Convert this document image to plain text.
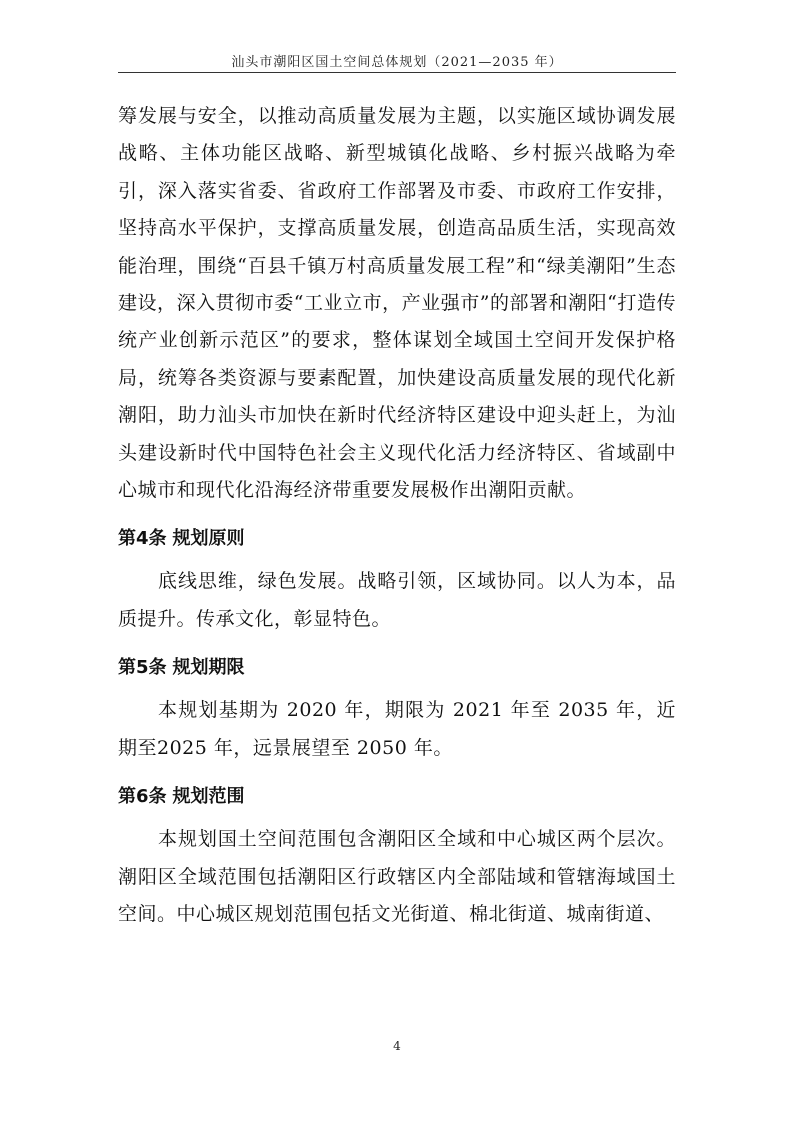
汕头市潮阳区国土空间总体规划（2021—2035 年）

筹发展与安全，以推动高质量发展为主题，以实施区域协调发展战略、主体功能区战略、新型城镇化战略、乡村振兴战略为牵引，深入落实省委、省政府工作部署及市委、市政府工作安排，坚持高水平保护，支撑高质量发展，创造高品质生活，实现高效能治理，围绕“百县千镇万村高质量发展工程”和“绿美潮阳”生态建设，深入贯彻市委“工业立市，产业强市”的部署和潮阳“打造传统产业创新示范区”的要求，整体谋划全域国土空间开发保护格局，统筹各类资源与要素配置，加快建设高质量发展的现代化新潮阳，助力汕头市加快在新时代经济特区建设中迎头赶上，为汕头建设新时代中国特色社会主义现代化活力经济特区、省域副中心城市和现代化沿海经济带重要发展极作出潮阳贡献。

第4条 规划原则

底线思维，绿色发展。战略引领，区域协同。以人为本，品质提升。传承文化，彰显特色。

第5条 规划期限

本规划基期为 2020 年，期限为 2021 年至 2035 年，近期至2025 年，远景展望至 2050 年。

第6条 规划范围

本规划国土空间范围包含潮阳区全域和中心城区两个层次。潮阳区全域范围包括潮阳区行政辖区内全部陆域和管辖海域国土空间。中心城区规划范围包括文光街道、棉北街道、城南街道、

4
